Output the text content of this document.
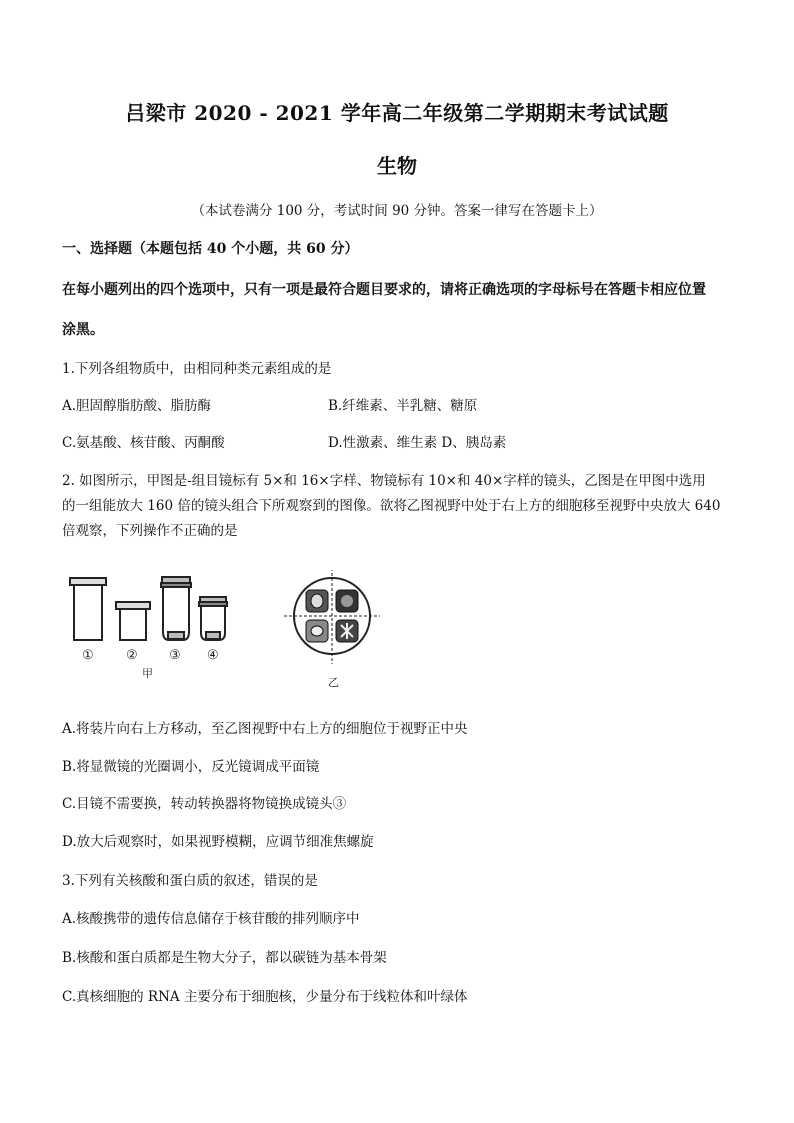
吕梁市 2020 - 2021 学年高二年级第二学期期末考试试题
生物
（本试卷满分 100 分，考试时间 90 分钟。答案一律写在答题卡上）
一、选择题（本题包括 40 个小题，共 60 分）
在每小题列出的四个选项中，只有一项是最符合题目要求的，请将正确选项的字母标号在答题卡相应位置
涂黑。
1.下列各组物质中，由相同种类元素组成的是
A.胆固醇脂肪酸、脂肪酶	B.纤维素、半乳糖、糖原
C.氨基酸、核苷酸、丙酮酸	D.性激素、维生素 D、胰岛素
2. 如图所示，甲图是-组目镜标有 5×和 16×字样、物镜标有 10×和 40×字样的镜头，乙图是在甲图中选用
的一组能放大 160 倍的镜头组合下所观察到的图像。欲将乙图视野中处于右上方的细胞移至视野中央放大 640
倍观察，下列操作不正确的是
① ② ③ ④
甲
乙
A.将装片向右上方移动，至乙图视野中右上方的细胞位于视野正中央
B.将显微镜的光圈调小，反光镜调成平面镜
C.目镜不需要换，转动转换器将物镜换成镜头③
D.放大后观察时，如果视野模糊，应调节细准焦螺旋
3.下列有关核酸和蛋白质的叙述，错误的是
A.核酸携带的遗传信息储存于核苷酸的排列顺序中
B.核酸和蛋白质都是生物大分子，都以碳链为基本骨架
C.真核细胞的 RNA 主要分布于细胞核，少量分布于线粒体和叶绿体
